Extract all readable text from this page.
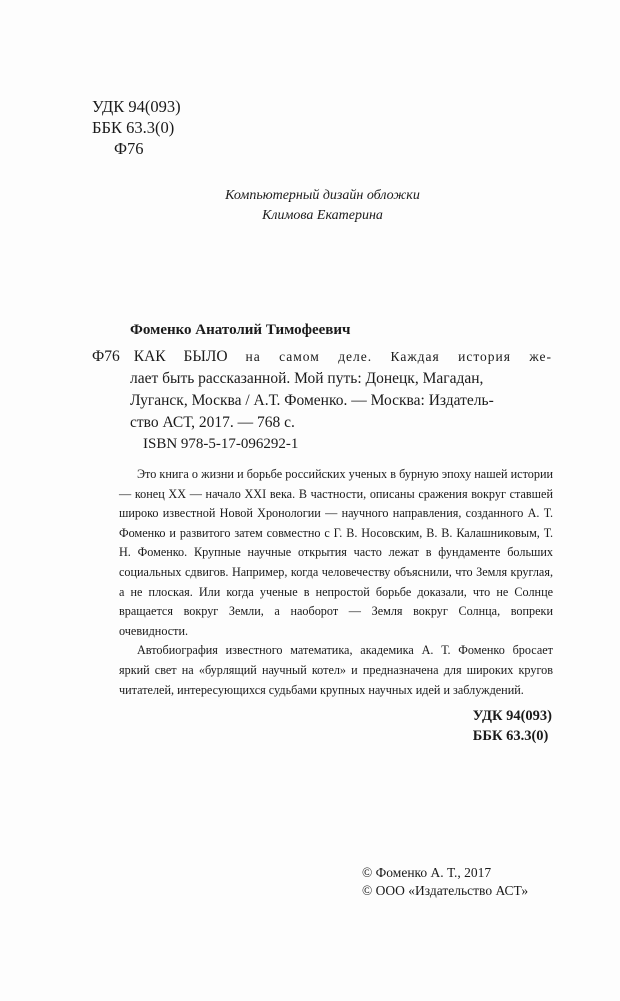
УДК 94(093)
ББК 63.3(0)
Ф76
Компьютерный дизайн обложки
Климова Екатерина
Фоменко Анатолий Тимофеевич
Ф76 КАК БЫЛО на самом деле. Каждая история же-
лает быть рассказанной. Мой путь: Донецк, Магадан,
Луганск, Москва / А.Т. Фоменко. — Москва: Издатель-
ство АСТ, 2017. — 768 с.
ISBN 978-5-17-096292-1

Это книга о жизни и борьбе российских ученых в бурную эпоху нашей истории — конец XX — начало XXI века. В частности, описаны сражения вокруг ставшей широко известной Новой Хронологии — научного направления, созданного А. Т. Фоменко и развитого затем совместно с Г. В. Носовским, В. В. Калашниковым, Т. Н. Фоменко. Крупные научные открытия часто лежат в фундаменте больших социальных сдвигов. Например, когда человечеству объяснили, что Земля круглая, а не плоская. Или когда ученые в непростой борьбе доказали, что не Солнце вращается вокруг Земли, а наоборот — Земля вокруг Солнца, вопреки очевидности.

Автобиография известного математика, академика А. Т. Фоменко бросает яркий свет на «бурлящий научный котел» и предназначена для широких кругов читателей, интересующихся судьбами крупных научных идей и заблуждений.

УДК 94(093)
ББК 63.3(0)
© Фоменко А. Т., 2017
© ООО «Издательство АСТ»
